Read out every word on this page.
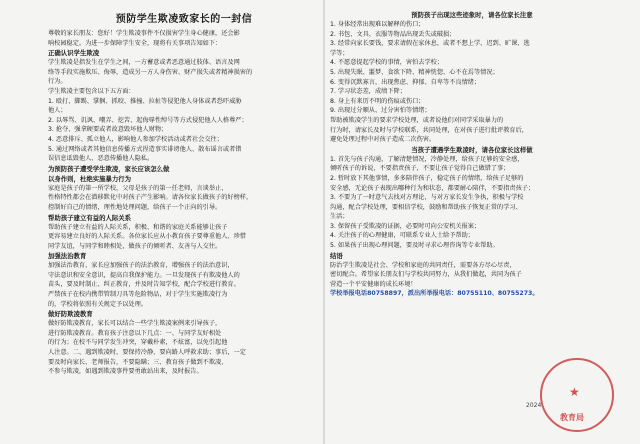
预防学生欺凌致家长的一封信
尊敬的家长朋友：您好！学生欺凌事件不仅损害学生身心健康，还会影
响校园稳定。为进一步保障学生安全，现将有关事项告知如下：
正确认识学生欺凌
学生欺凌是指发生在学生之间，一方蓄意或者恶意通过肢体、语言及网
络等手段实施欺压、侮辱，造成另一方人身伤害、财产损失或者精神损害的
行为。
学生欺凌主要包含以下五方面：
1. 殴打、脚踢、掌掴、抓咬、推撞、拉扯等侵犯他人身体或者恐吓威胁
他人；
2. 以辱骂、讥讽、嘲弄、挖苦、起侮辱性绰号等方式侵犯他人人格尊严；
3. 抢夺、强拿硬要或者故意毁坏他人财物；
4. 恶意排斥、孤立他人，影响他人参加学校活动或者社会交往；
5. 通过网络或者其他信息传播方式捏造事实诽谤他人、散布谣言或者错
误信息诋毁他人、恶意传播他人隐私。
为预防孩子遭受学生欺凌，家长应该怎么做
以身作则，杜绝实施暴力行为
家庭是孩子的第一所学校，父母是孩子的第一任老师，言谈举止、
性格特性都会在潜移默化中对孩子产生影响。请各位家长做孩子的好榜样，
控制好自己的情绪，理性地处理问题，给孩子一个正向的引导。
帮助孩子建立有益的人际关系
帮助孩子建立有益的人际关系，积极、和谐的家庭关系能够让孩子
更容易建立良好的人际关系。各位家长应从小教育孩子要尊重他人、珍惜
同学友谊，与同学和睦相处，做孩子的倾听者、友善与人交往。
加强法治教育
加强法治教育，家长应加强孩子的法治教育，增强孩子的法治意识，
守法意识和安全意识，提高自我保护能力。一旦发现孩子有欺凌他人的
苗头，要及时制止、纠正教育，并及时告知学校，配合学校进行教育。
严禁孩子在校内携带管制刀具等危险物品，对于学生实施欺凌行为
的，学校将依照有关规定予以处理。
做好防欺凌教育
做好防欺凌教育，家长可以结合一些学生欺凌案例来引导孩子，
进行防欺凌教育。教育孩子注意以下几点：一、与同学友好相处
的行为；在校不与同学发生冲突，穿戴朴素，不炫富，以免引起他
人注意。二、遇到欺凌时，要保持冷静，要向路人呼救求助；事后，一定
要及时向家长、老师报告，不要隐瞒；三、教育孩子做到不欺凌、
不参与欺凌，如遇到欺凌事件要勇敢站出来，及时报告。
预防孩子出现这些迹象时，请各位家长注意
1. 身体经常出现难以解释的伤口；
2. 书包、文具、衣服等物品出现丢失或破损；
3. 经常向家长要钱，要求请假在家休息，或者不想上学、迟到、旷课、逃
学等；
4. 不愿意提起学校的事情，害怕去学校；
5. 出现失眠、噩梦、食欲下降、精神恍惚、心不在焉等情况；
6. 变得沉默寡言，出现焦虑、抑郁、自卑等不良情绪；
7. 学习状态差，成绩下降；
8. 身上有来历不明的伤痕或伤口；
9. 出现过分顺从、过分害怕等情绪；
帮助被欺凌学生的要求学校处理，或者说他们对同学采取暴力的
行为时，请家长及时与学校联系，共同处理，在对孩子进行批评教育后，
避免处理过程中对孩子造成二次伤害。
当孩子遭遇学生欺凌时，请各位家长这样做
1. 首先与孩子沟通，了解清楚情况，冷静处理，给孩子足够的安全感，
倾听孩子的诉说，不要指责孩子，不要让孩子觉得自己做错了事；
2. 暂时放下其他事情，多多陪伴孩子，稳定孩子的情绪，给孩子足够的
安全感，无论孩子表现出哪种行为和状态，都要耐心陪伴，不要指责孩子；
3. 不要为了一时意气去找对方理论，与对方家长发生争执，积极与学校
沟通，配合学校处理，要相信学校，鼓励和帮助孩子恢复正常的学习、
生活；
3. 保留孩子受欺凌的证据，必要时可向公安机关报案；
4. 关注孩子的心理健康，可联系专业人士给予帮助；
5. 如果孩子出现心理问题，要及时寻求心理咨询等专业帮助。
结语
防治学生欺凌是社会、学校和家庭的共同责任，需要各方尽心尽责，
密切配合。希望家长朋友们与学校共同努力，从我们做起，共同为孩子
营造一个平安健康的成长环境！
学校举报电话80758897，派出所举报电话：80755110、80755273。
★
2024
教育局
